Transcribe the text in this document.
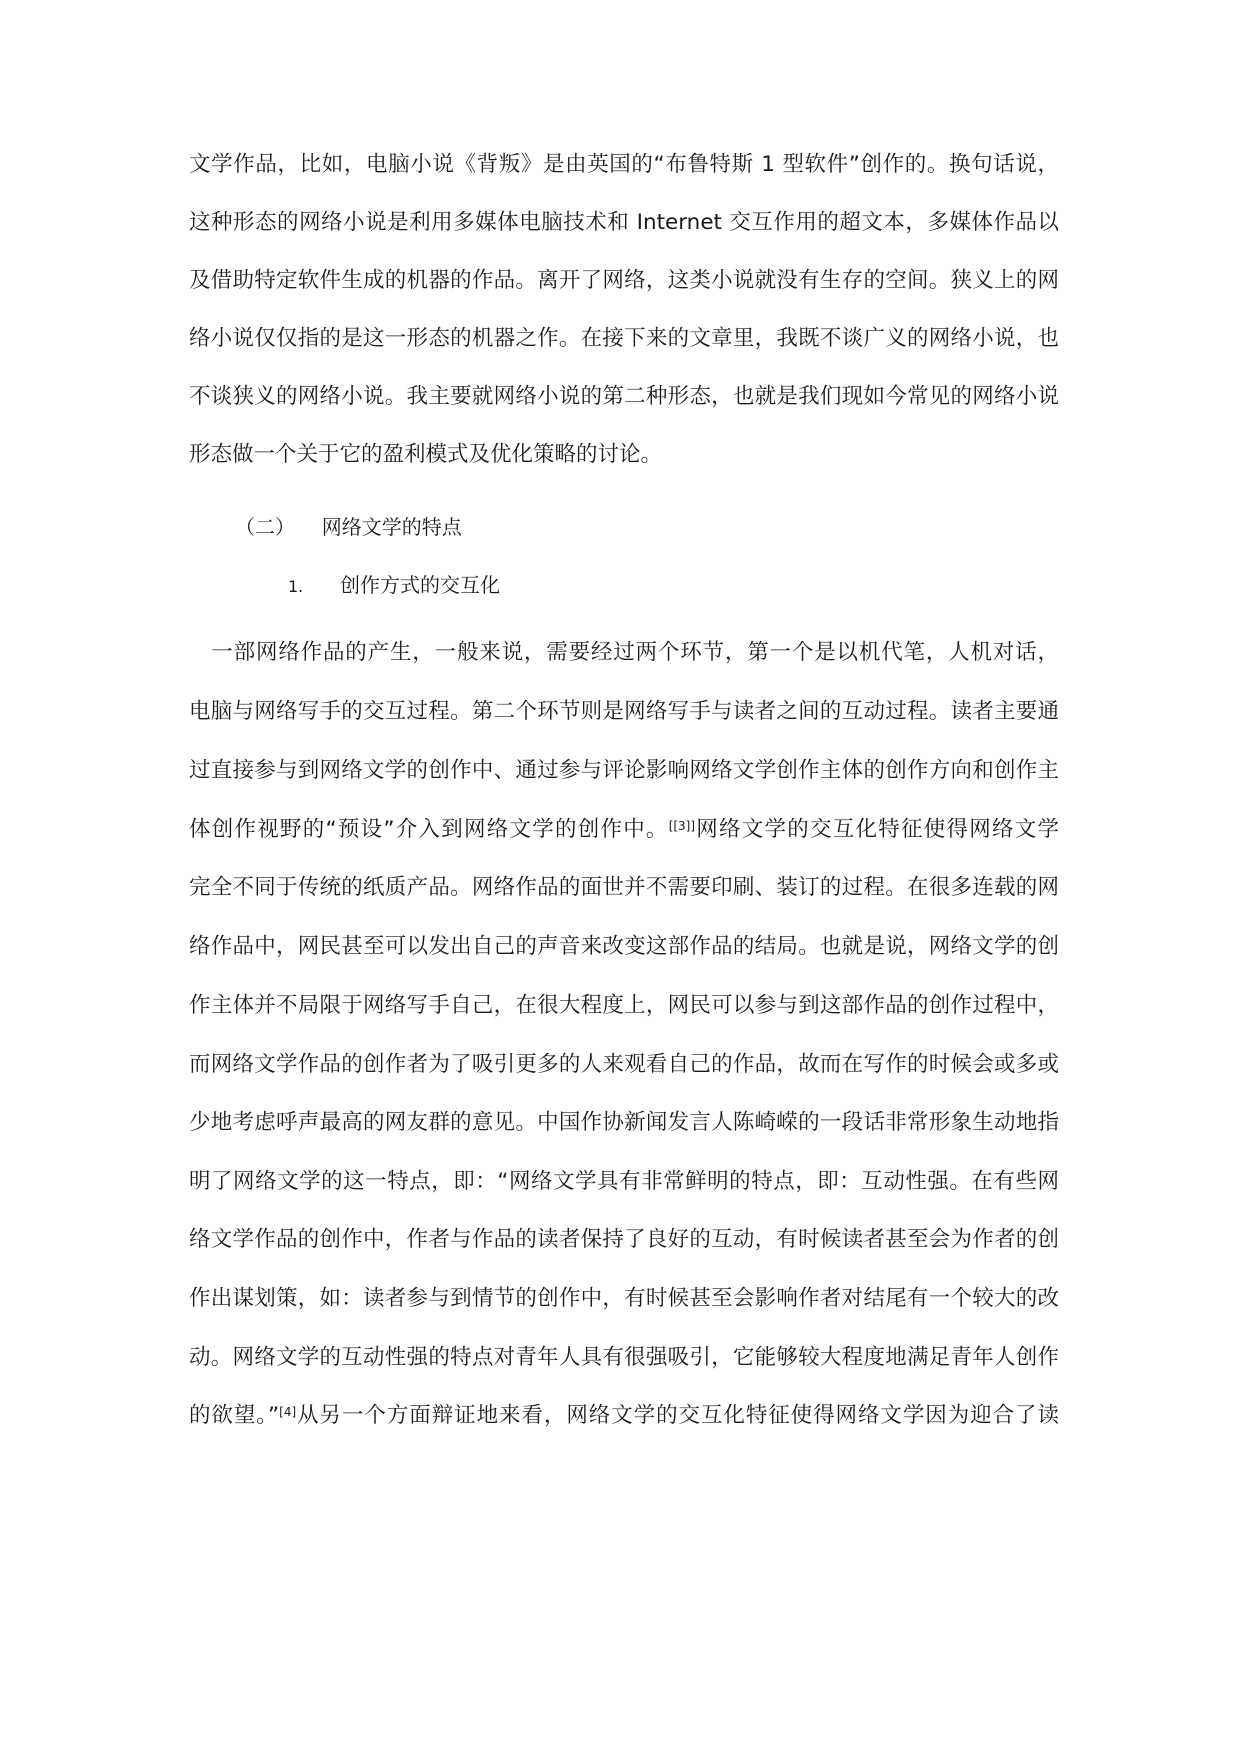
文学作品，比如，电脑小说《背叛》是由英国的“布鲁特斯 1 型软件”创作的。换句话说，
这种形态的网络小说是利用多媒体电脑技术和 Internet 交互作用的超文本，多媒体作品以
及借助特定软件生成的机器的作品。离开了网络，这类小说就没有生存的空间。狭义上的网
络小说仅仅指的是这一形态的机器之作。在接下来的文章里，我既不谈广义的网络小说，也
不谈狭义的网络小说。我主要就网络小说的第二种形态，也就是我们现如今常见的网络小说
形态做一个关于它的盈利模式及优化策略的讨论。
（二） 网络文学的特点
1. 创作方式的交互化
　一部网络作品的产生，一般来说，需要经过两个环节，第一个是以机代笔，人机对话，
电脑与网络写手的交互过程。第二个环节则是网络写手与读者之间的互动过程。读者主要通
过直接参与到网络文学的创作中、通过参与评论影响网络文学创作主体的创作方向和创作主
体创作视野的“预设”介入到网络文学的创作中。[[3]]网络文学的交互化特征使得网络文学
完全不同于传统的纸质产品。网络作品的面世并不需要印刷、装订的过程。在很多连载的网
络作品中，网民甚至可以发出自己的声音来改变这部作品的结局。也就是说，网络文学的创
作主体并不局限于网络写手自己，在很大程度上，网民可以参与到这部作品的创作过程中，
而网络文学作品的创作者为了吸引更多的人来观看自己的作品，故而在写作的时候会或多或
少地考虑呼声最高的网友群的意见。中国作协新闻发言人陈崎嵘的一段话非常形象生动地指
明了网络文学的这一特点，即：“网络文学具有非常鲜明的特点，即：互动性强。在有些网
络文学作品的创作中，作者与作品的读者保持了良好的互动，有时候读者甚至会为作者的创
作出谋划策，如：读者参与到情节的创作中，有时候甚至会影响作者对结尾有一个较大的改
动。网络文学的互动性强的特点对青年人具有很强吸引，它能够较大程度地满足青年人创作
的欲望。”[4]从另一个方面辩证地来看，网络文学的交互化特征使得网络文学因为迎合了读
